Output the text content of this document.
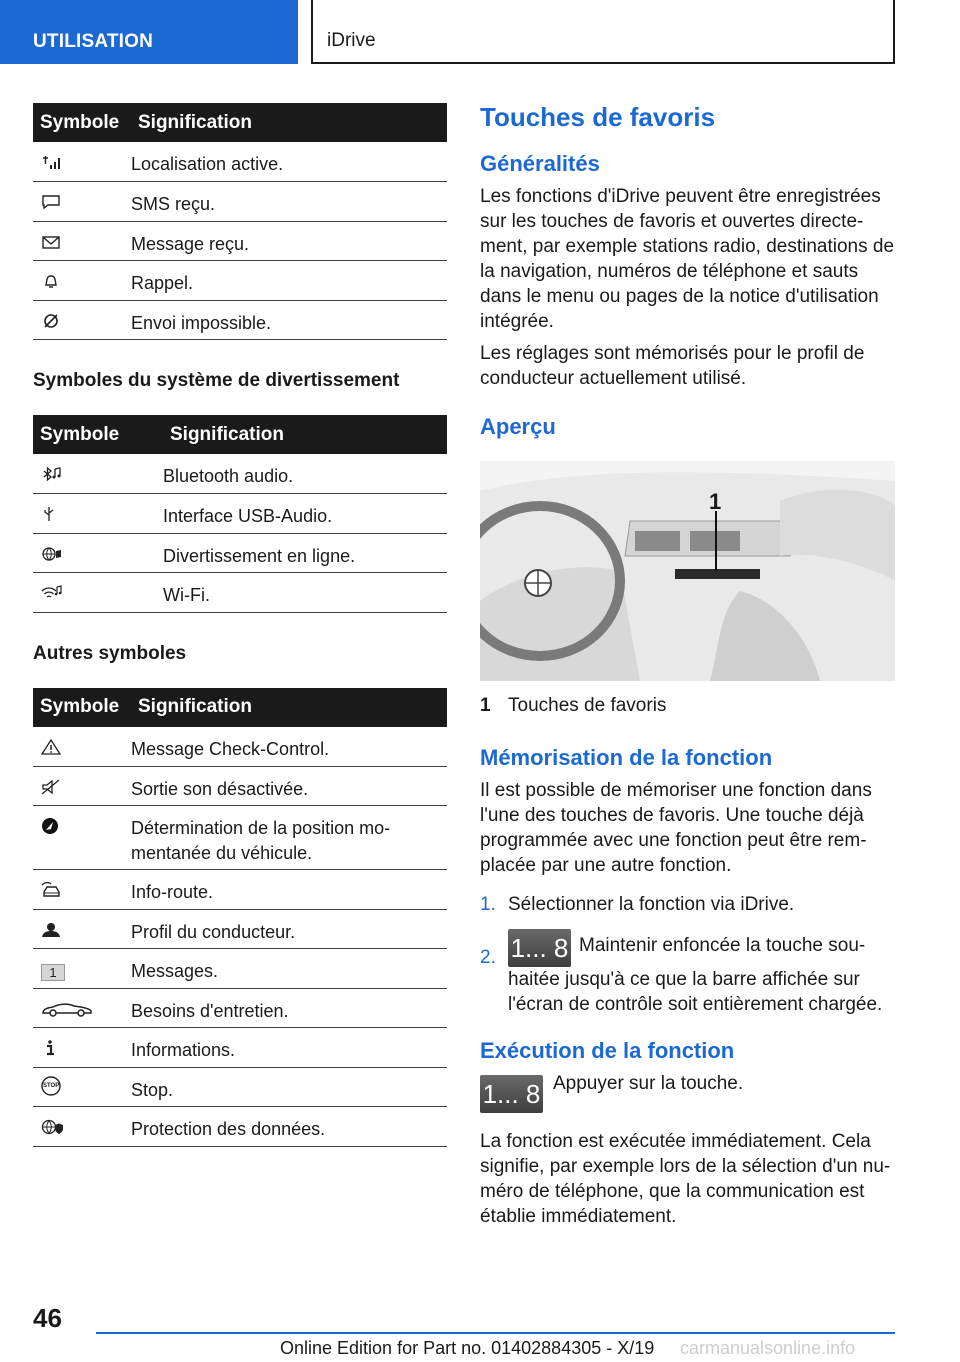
UTILISATION	iDrive
Symbole	Signification

	Localisation active.

	SMS reçu.

	Message reçu.

	Rappel.

	Envoi impossible.
Symboles du système de divertissement
Symbole	Signification

	Bluetooth audio.

	Interface USB-Audio.

	Divertissement en ligne.

	Wi-Fi.
Autres symboles
Symbole	Signification

	Message Check-Control.

	Sortie son désactivée.

	Détermination de la position mo-mentanée du véhicule.

	Info-route.

	Profil du conducteur.
1	Messages.

	Besoins d'entretien.

	Informations.

STOP	Stop.

	Protection des données.
Touches de favoris
Généralités

Les fonctions d'iDrive peuvent être enregistrées sur les touches de favoris et ouvertes directe-ment, par exemple stations radio, destinations de la navigation, numéros de téléphone et sauts dans le menu ou pages de la notice d'utilisation intégrée.

Les réglages sont mémorisés pour le profil de conducteur actuellement utilisé.

Aperçu
1
1 Touches de favoris
Mémorisation de la fonction

Il est possible de mémoriser une fonction dans l'une des touches de favoris. Une touche déjà programmée avec une fonction peut être rem-placée par une autre fonction.

1. Sélectionner la fonction via iDrive.
2. 1... 8 Maintenir enfoncée la touche sou-haitée jusqu'à ce que la barre affichée sur l'écran de contrôle soit entièrement chargée.
Exécution de la fonction
1... 8 Appuyer sur la touche.

La fonction est exécutée immédiatement. Cela signifie, par exemple lors de la sélection d'un nu-méro de téléphone, que la communication est établie immédiatement.

46
Online Edition for Part no. 01402884305 - X/19 carmanualsonline.info
